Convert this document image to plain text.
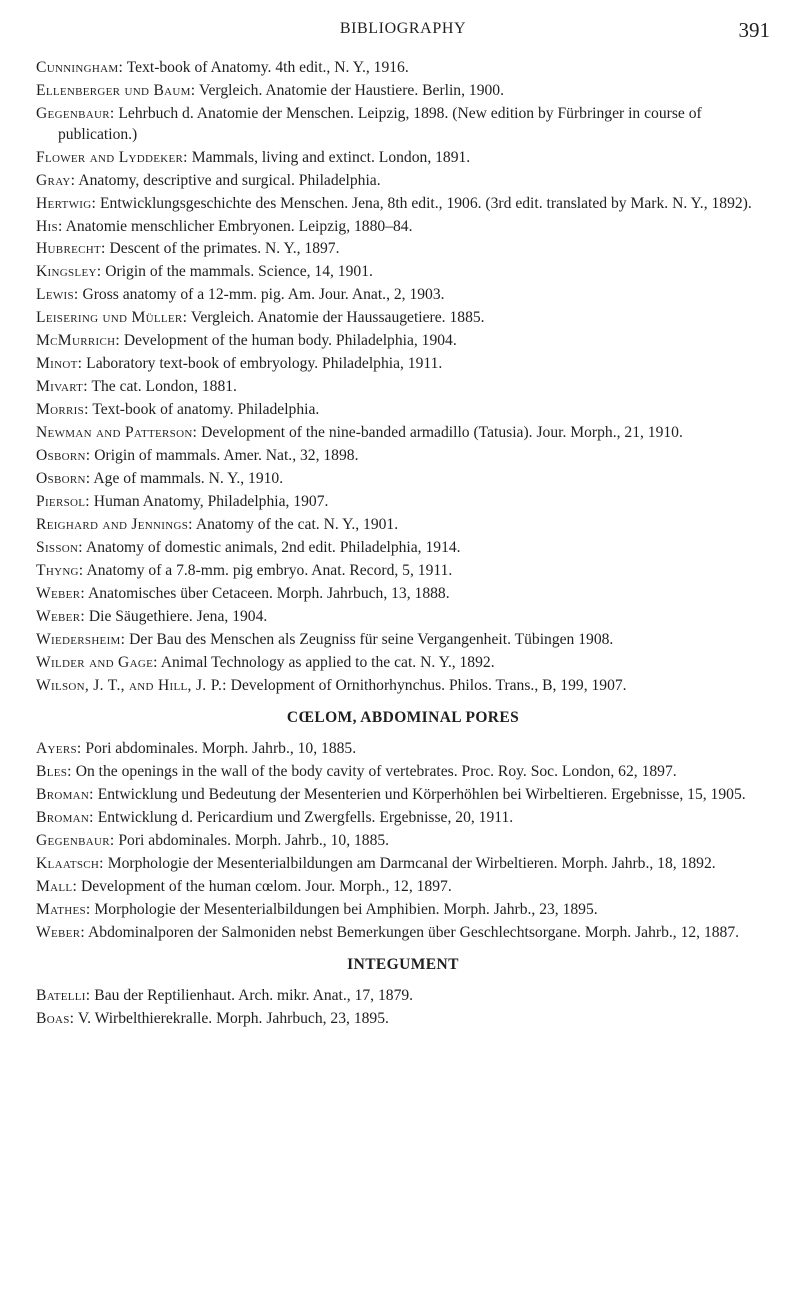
BIBLIOGRAPHY	391
Cunningham: Text-book of Anatomy. 4th edit., N. Y., 1916.
Ellenberger und Baum: Vergleich. Anatomie der Haustiere. Berlin, 1900.
Gegenbaur: Lehrbuch d. Anatomie der Menschen. Leipzig, 1898. (New edition by Fürbringer in course of publication.)
Flower and Lyddeker: Mammals, living and extinct. London, 1891.
Gray: Anatomy, descriptive and surgical. Philadelphia.
Hertwig: Entwicklungsgeschichte des Menschen. Jena, 8th edit., 1906. (3rd edit. translated by Mark. N. Y., 1892).
His: Anatomie menschlicher Embryonen. Leipzig, 1880–84.
Hubrecht: Descent of the primates. N. Y., 1897.
Kingsley: Origin of the mammals. Science, 14, 1901.
Lewis: Gross anatomy of a 12-mm. pig. Am. Jour. Anat., 2, 1903.
Leisering und Müller: Vergleich. Anatomie der Haussaugetiere. 1885.
McMurrich: Development of the human body. Philadelphia, 1904.
Minot: Laboratory text-book of embryology. Philadelphia, 1911.
Mivart: The cat. London, 1881.
Morris: Text-book of anatomy. Philadelphia.
Newman and Patterson: Development of the nine-banded armadillo (Tatusia). Jour. Morph., 21, 1910.
Osborn: Origin of mammals. Amer. Nat., 32, 1898.
Osborn: Age of mammals. N. Y., 1910.
Piersol: Human Anatomy, Philadelphia, 1907.
Reighard and Jennings: Anatomy of the cat. N. Y., 1901.
Sisson: Anatomy of domestic animals, 2nd edit. Philadelphia, 1914.
Thyng: Anatomy of a 7.8-mm. pig embryo. Anat. Record, 5, 1911.
Weber: Anatomisches über Cetaceen. Morph. Jahrbuch, 13, 1888.
Weber: Die Säugethiere. Jena, 1904.
Wiedersheim: Der Bau des Menschen als Zeugniss für seine Vergangenheit. Tübingen 1908.
Wilder and Gage: Animal Technology as applied to the cat. N. Y., 1892.
Wilson, J. T., and Hill, J. P.: Development of Ornithorhynchus. Philos. Trans., B, 199, 1907.
CŒLOM, ABDOMINAL PORES
Ayers: Pori abdominales. Morph. Jahrb., 10, 1885.
Bles: On the openings in the wall of the body cavity of vertebrates. Proc. Roy. Soc. London, 62, 1897.
Broman: Entwicklung und Bedeutung der Mesenterien und Körperhöhlen bei Wirbeltieren. Ergebnisse, 15, 1905.
Broman: Entwicklung d. Pericardium und Zwergfells. Ergebnisse, 20, 1911.
Gegenbaur: Pori abdominales. Morph. Jahrb., 10, 1885.
Klaatsch: Morphologie der Mesenterialbildungen am Darmcanal der Wirbeltieren. Morph. Jahrb., 18, 1892.
Mall: Development of the human cœlom. Jour. Morph., 12, 1897.
Mathes: Morphologie der Mesenterialbildungen bei Amphibien. Morph. Jahrb., 23, 1895.
Weber: Abdominalporen der Salmoniden nebst Bemerkungen über Geschlechtsorgane. Morph. Jahrb., 12, 1887.
INTEGUMENT
Batelli: Bau der Reptilienhaut. Arch. mikr. Anat., 17, 1879.
Boas: V. Wirbelthierekralle. Morph. Jahrbuch, 23, 1895.
